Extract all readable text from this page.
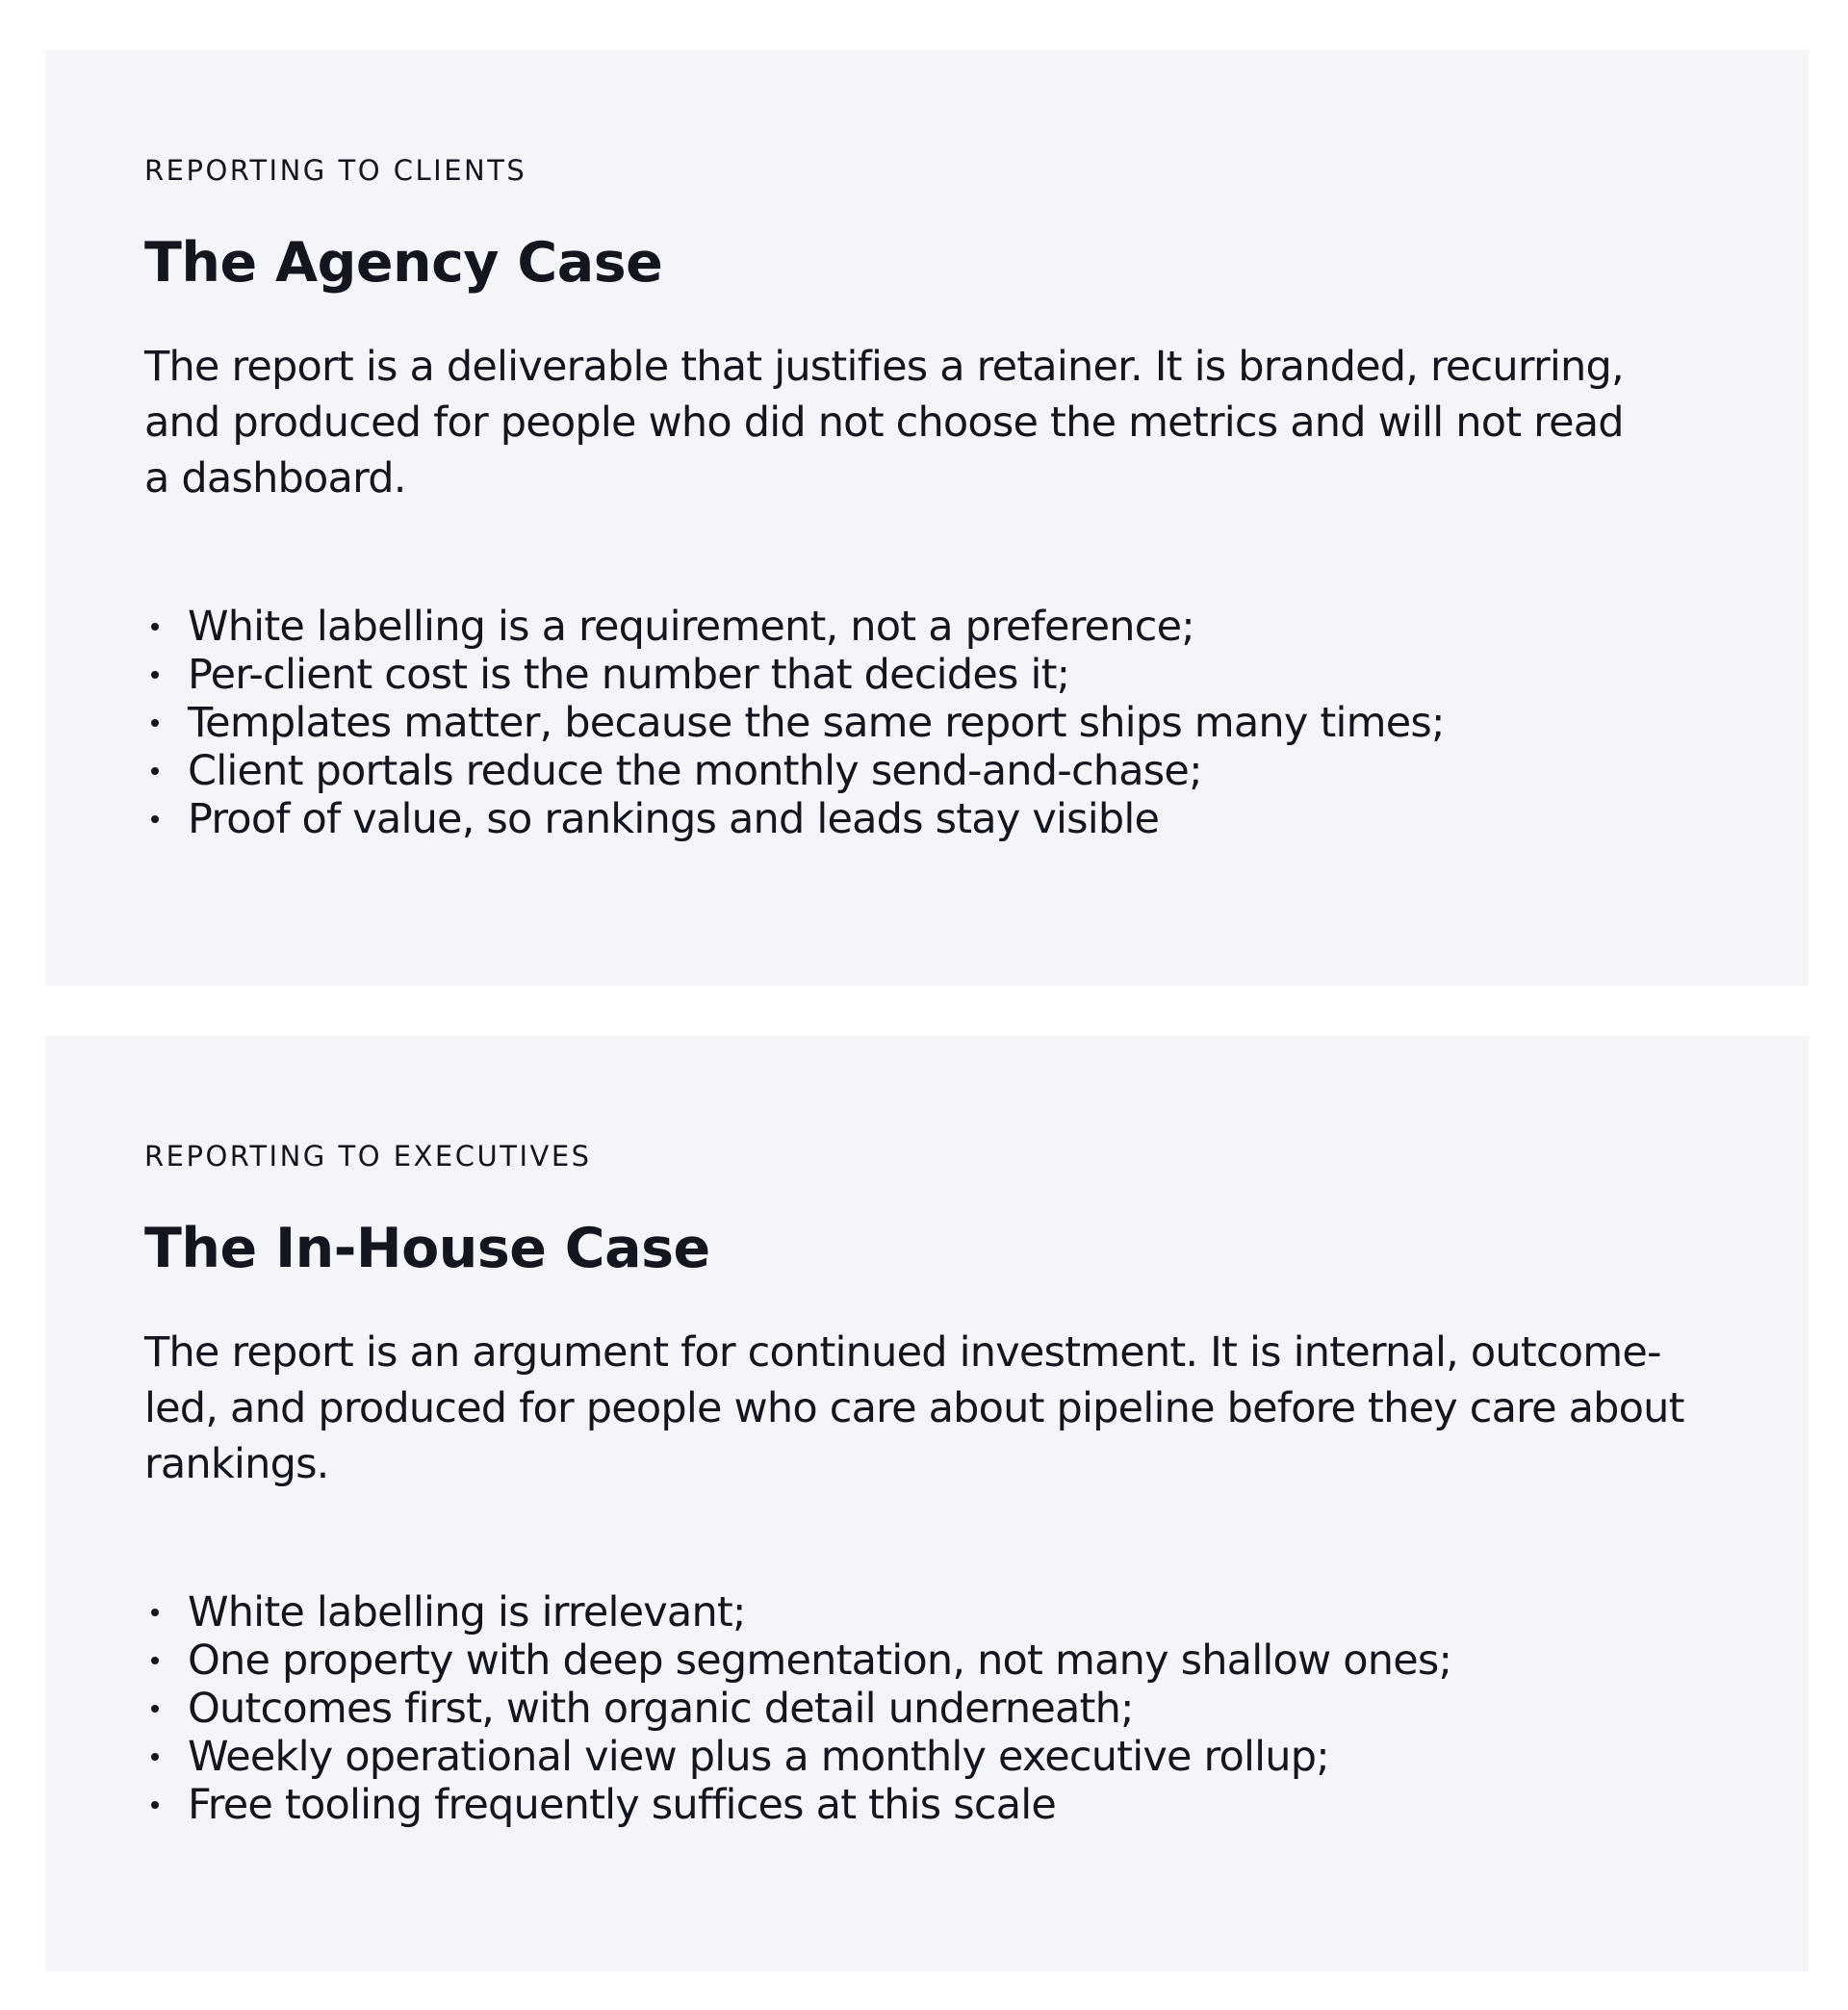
REPORTING TO CLIENTS
The Agency Case

The report is a deliverable that justifies a retainer. It is branded, recurring,
and produced for people who did not choose the metrics and will not read
a dashboard.

White labelling is a requirement, not a preference;
Per-client cost is the number that decides it;
Templates matter, because the same report ships many times;
Client portals reduce the monthly send-and-chase;
Proof of value, so rankings and leads stay visible
REPORTING TO EXECUTIVES
The In-House Case

The report is an argument for continued investment. It is internal, outcome-
led, and produced for people who care about pipeline before they care about
rankings.

White labelling is irrelevant;
One property with deep segmentation, not many shallow ones;
Outcomes first, with organic detail underneath;
Weekly operational view plus a monthly executive rollup;
Free tooling frequently suffices at this scale
